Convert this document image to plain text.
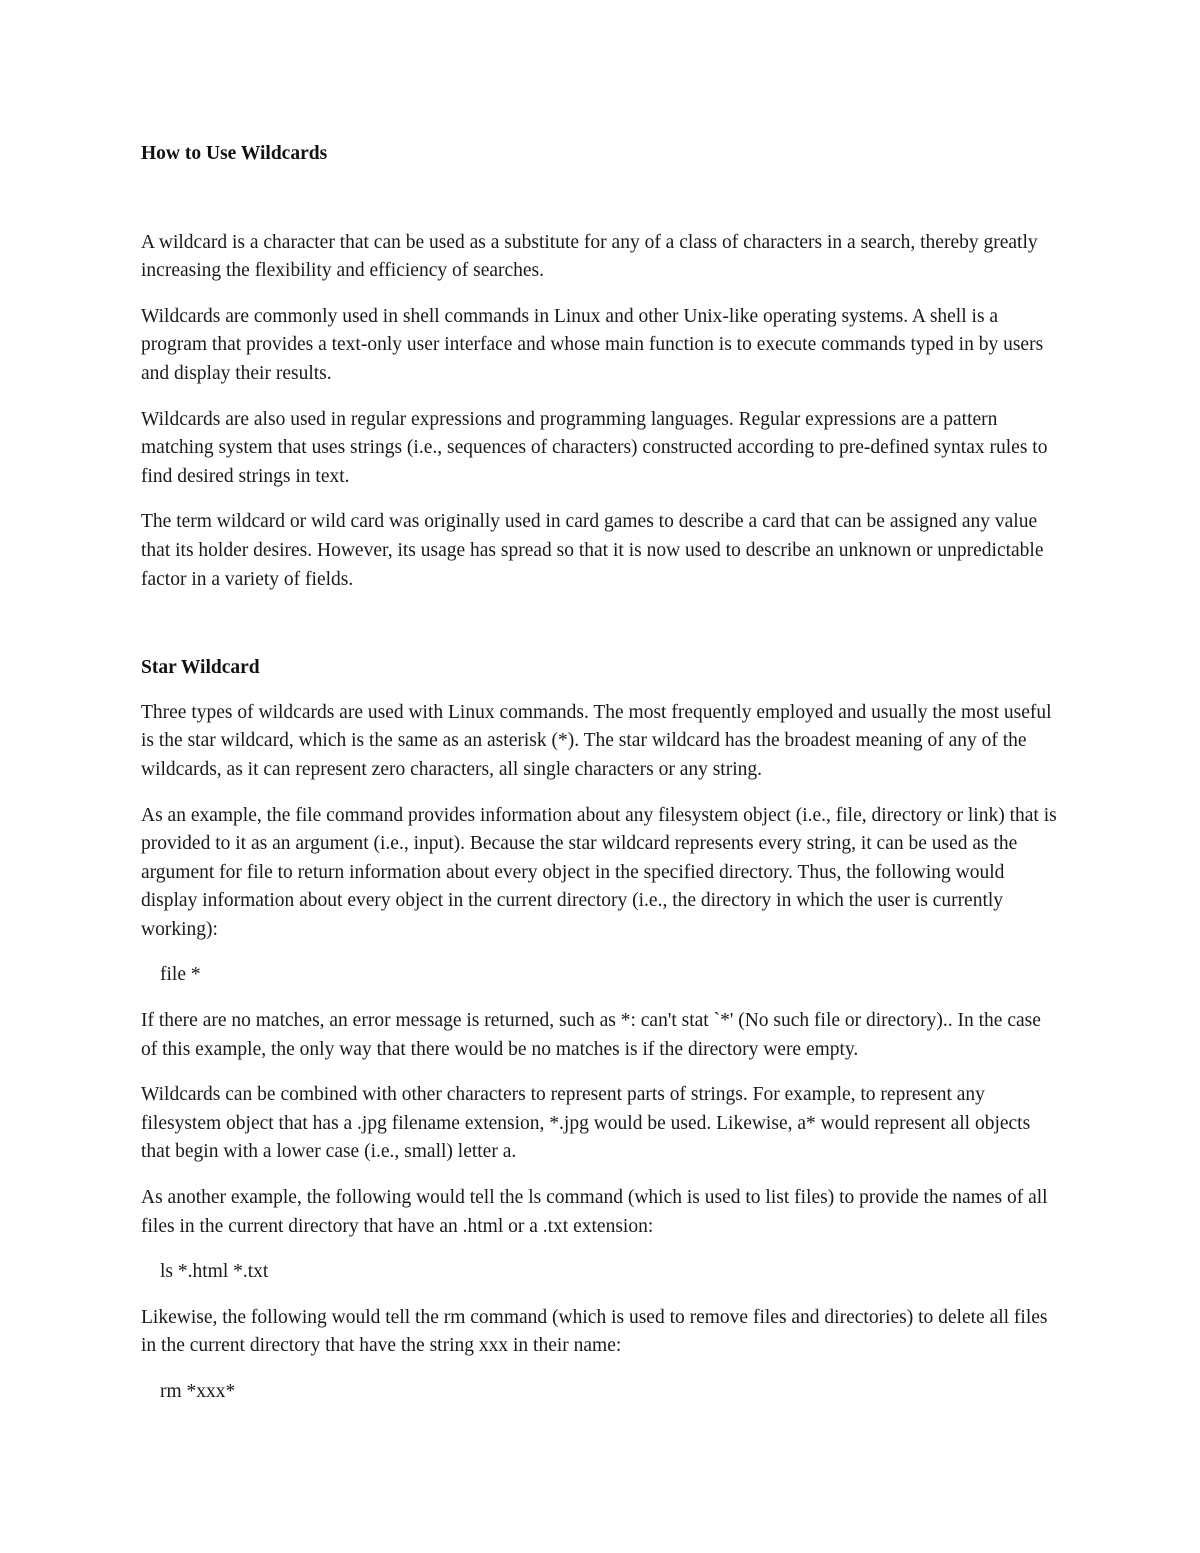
How to Use Wildcards

A wildcard is a character that can be used as a substitute for any of a class of characters in a search, thereby greatly increasing the flexibility and efficiency of searches.

Wildcards are commonly used in shell commands in Linux and other Unix-like operating systems. A shell is a program that provides a text-only user interface and whose main function is to execute commands typed in by users and display their results.

Wildcards are also used in regular expressions and programming languages. Regular expressions are a pattern matching system that uses strings (i.e., sequences of characters) constructed according to pre-defined syntax rules to find desired strings in text.

The term wildcard or wild card was originally used in card games to describe a card that can be assigned any value that its holder desires. However, its usage has spread so that it is now used to describe an unknown or unpredictable factor in a variety of fields.

Star Wildcard

Three types of wildcards are used with Linux commands. The most frequently employed and usually the most useful is the star wildcard, which is the same as an asterisk (*). The star wildcard has the broadest meaning of any of the wildcards, as it can represent zero characters, all single characters or any string.

As an example, the file command provides information about any filesystem object (i.e., file, directory or link) that is provided to it as an argument (i.e., input). Because the star wildcard represents every string, it can be used as the argument for file to return information about every object in the specified directory. Thus, the following would display information about every object in the current directory (i.e., the directory in which the user is currently working):

file *

If there are no matches, an error message is returned, such as *: can't stat `*' (No such file or directory).. In the case of this example, the only way that there would be no matches is if the directory were empty.

Wildcards can be combined with other characters to represent parts of strings. For example, to represent any filesystem object that has a .jpg filename extension, *.jpg would be used. Likewise, a* would represent all objects that begin with a lower case (i.e., small) letter a.

As another example, the following would tell the ls command (which is used to list files) to provide the names of all files in the current directory that have an .html or a .txt extension:

ls *.html *.txt

Likewise, the following would tell the rm command (which is used to remove files and directories) to delete all files in the current directory that have the string xxx in their name:

rm *xxx*
